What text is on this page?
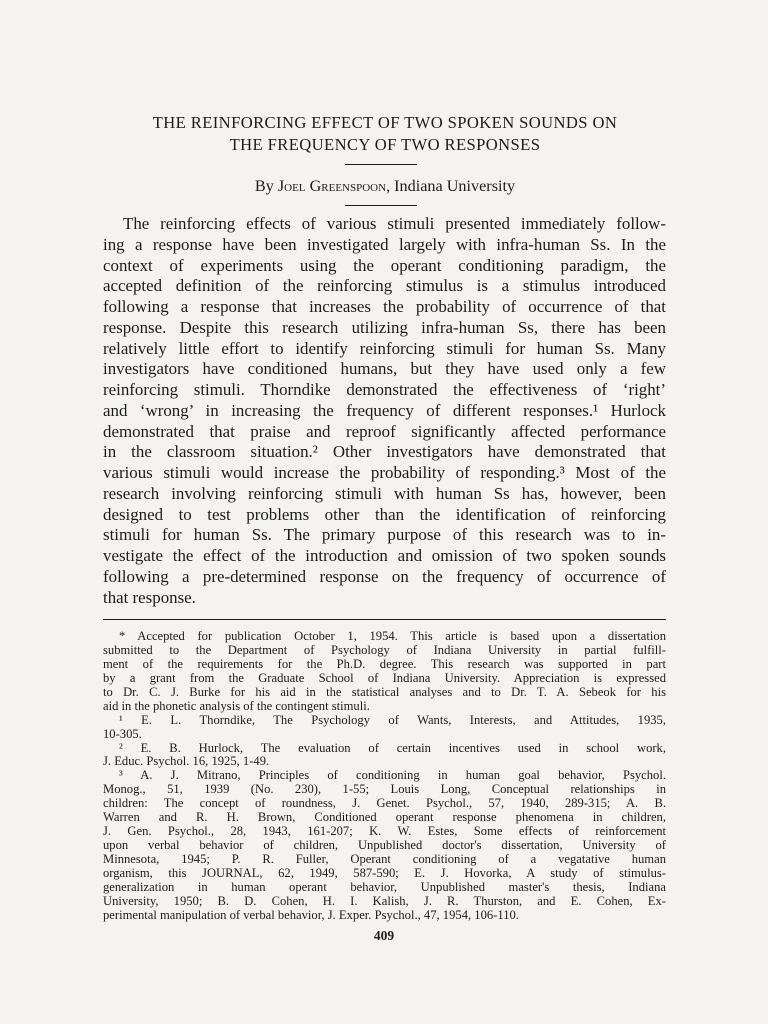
THE REINFORCING EFFECT OF TWO SPOKEN SOUNDS ON
THE FREQUENCY OF TWO RESPONSES
By Joel Greenspoon, Indiana University
The reinforcing effects of various stimuli presented immediately follow-
ing a response have been investigated largely with infra-human Ss. In the
context of experiments using the operant conditioning paradigm, the
accepted definition of the reinforcing stimulus is a stimulus introduced
following a response that increases the probability of occurrence of that
response. Despite this research utilizing infra-human Ss, there has been
relatively little effort to identify reinforcing stimuli for human Ss. Many
investigators have conditioned humans, but they have used only a few
reinforcing stimuli. Thorndike demonstrated the effectiveness of ‘right’
and ‘wrong’ in increasing the frequency of different responses.¹ Hurlock
demonstrated that praise and reproof significantly affected performance
in the classroom situation.² Other investigators have demonstrated that
various stimuli would increase the probability of responding.³ Most of the
research involving reinforcing stimuli with human Ss has, however, been
designed to test problems other than the identification of reinforcing
stimuli for human Ss. The primary purpose of this research was to in-
vestigate the effect of the introduction and omission of two spoken sounds
following a pre-determined response on the frequency of occurrence of
that response.
* Accepted for publication October 1, 1954. This article is based upon a dissertation
submitted to the Department of Psychology of Indiana University in partial fulfill-
ment of the requirements for the Ph.D. degree. This research was supported in part
by a grant from the Graduate School of Indiana University. Appreciation is expressed
to Dr. C. J. Burke for his aid in the statistical analyses and to Dr. T. A. Sebeok for his
aid in the phonetic analysis of the contingent stimuli.
¹ E. L. Thorndike, The Psychology of Wants, Interests, and Attitudes, 1935,
10-305.
² E. B. Hurlock, The evaluation of certain incentives used in school work,
J. Educ. Psychol. 16, 1925, 1-49.
³ A. J. Mitrano, Principles of conditioning in human goal behavior, Psychol.
Monog., 51, 1939 (No. 230), 1-55; Louis Long, Conceptual relationships in
children: The concept of roundness, J. Genet. Psychol., 57, 1940, 289-315; A. B.
Warren and R. H. Brown, Conditioned operant response phenomena in children,
J. Gen. Psychol., 28, 1943, 161-207; K. W. Estes, Some effects of reinforcement
upon verbal behavior of children, Unpublished doctor's dissertation, University of
Minnesota, 1945; P. R. Fuller, Operant conditioning of a vegatative human
organism, this JOURNAL, 62, 1949, 587-590; E. J. Hovorka, A study of stimulus-
generalization in human operant behavior, Unpublished master's thesis, Indiana
University, 1950; B. D. Cohen, H. I. Kalish, J. R. Thurston, and E. Cohen, Ex-
perimental manipulation of verbal behavior, J. Exper. Psychol., 47, 1954, 106-110.
409
